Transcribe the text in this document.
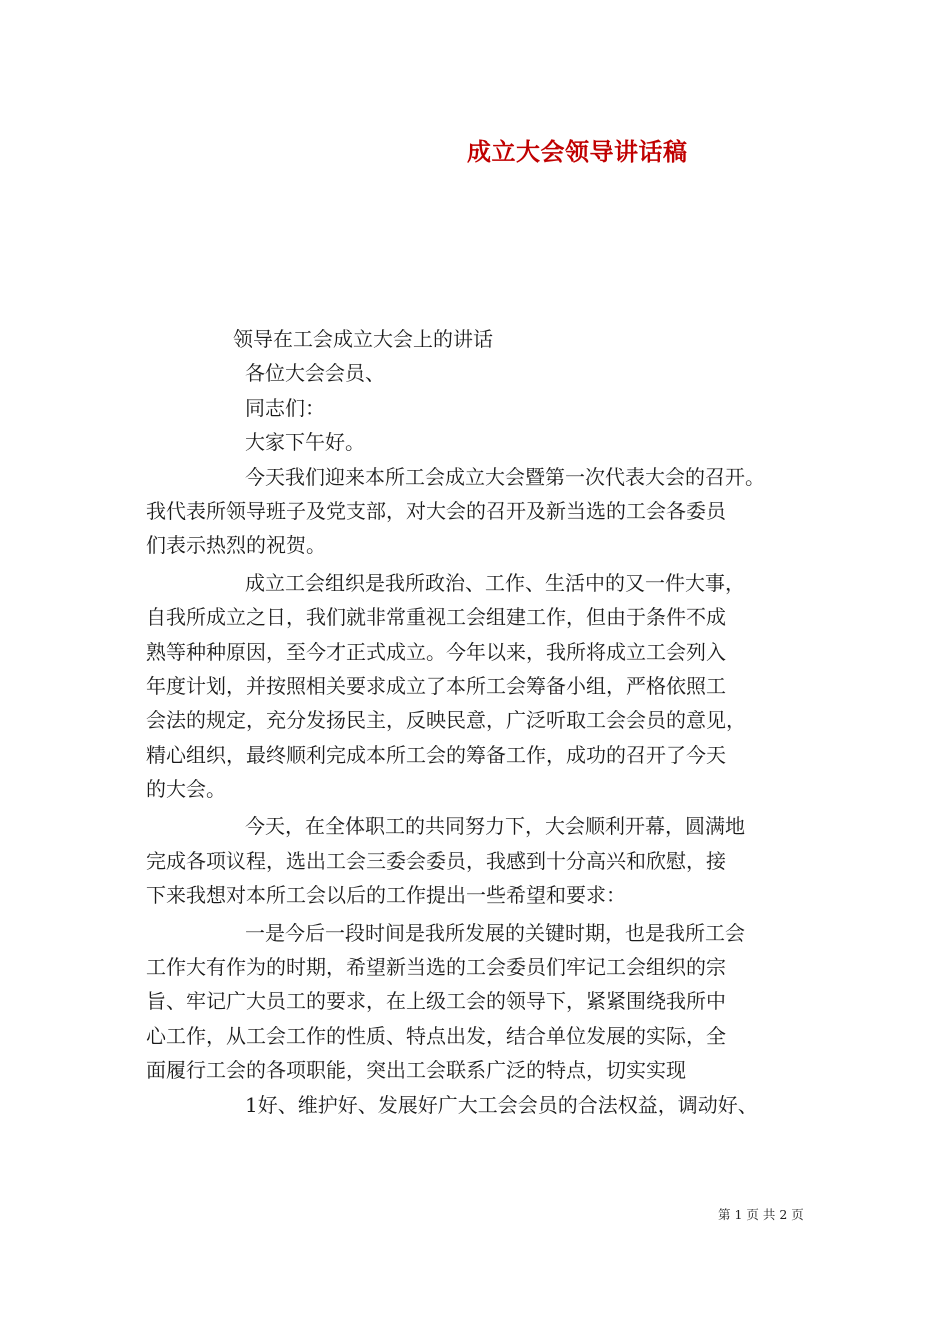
成立大会领导讲话稿
领导在工会成立大会上的讲话
各位大会会员、
同志们：
大家下午好。
今天我们迎来本所工会成立大会暨第一次代表大会的召开。
我代表所领导班子及党支部，对大会的召开及新当选的工会各委员
们表示热烈的祝贺。
成立工会组织是我所政治、工作、生活中的又一件大事，
自我所成立之日，我们就非常重视工会组建工作，但由于条件不成
熟等种种原因，至今才正式成立。今年以来，我所将成立工会列入
年度计划，并按照相关要求成立了本所工会筹备小组，严格依照工
会法的规定，充分发扬民主，反映民意，广泛听取工会会员的意见，
精心组织，最终顺利完成本所工会的筹备工作，成功的召开了今天
的大会。
今天，在全体职工的共同努力下，大会顺利开幕，圆满地
完成各项议程，选出工会三委会委员，我感到十分高兴和欣慰，接
下来我想对本所工会以后的工作提出一些希望和要求：
一是今后一段时间是我所发展的关键时期，也是我所工会
工作大有作为的时期，希望新当选的工会委员们牢记工会组织的宗
旨、牢记广大员工的要求，在上级工会的领导下，紧紧围绕我所中
心工作，从工会工作的性质、特点出发，结合单位发展的实际，全
面履行工会的各项职能，突出工会联系广泛的特点，切实实现
1好、维护好、发展好广大工会会员的合法权益，调动好、
第 1 页 共 2 页
